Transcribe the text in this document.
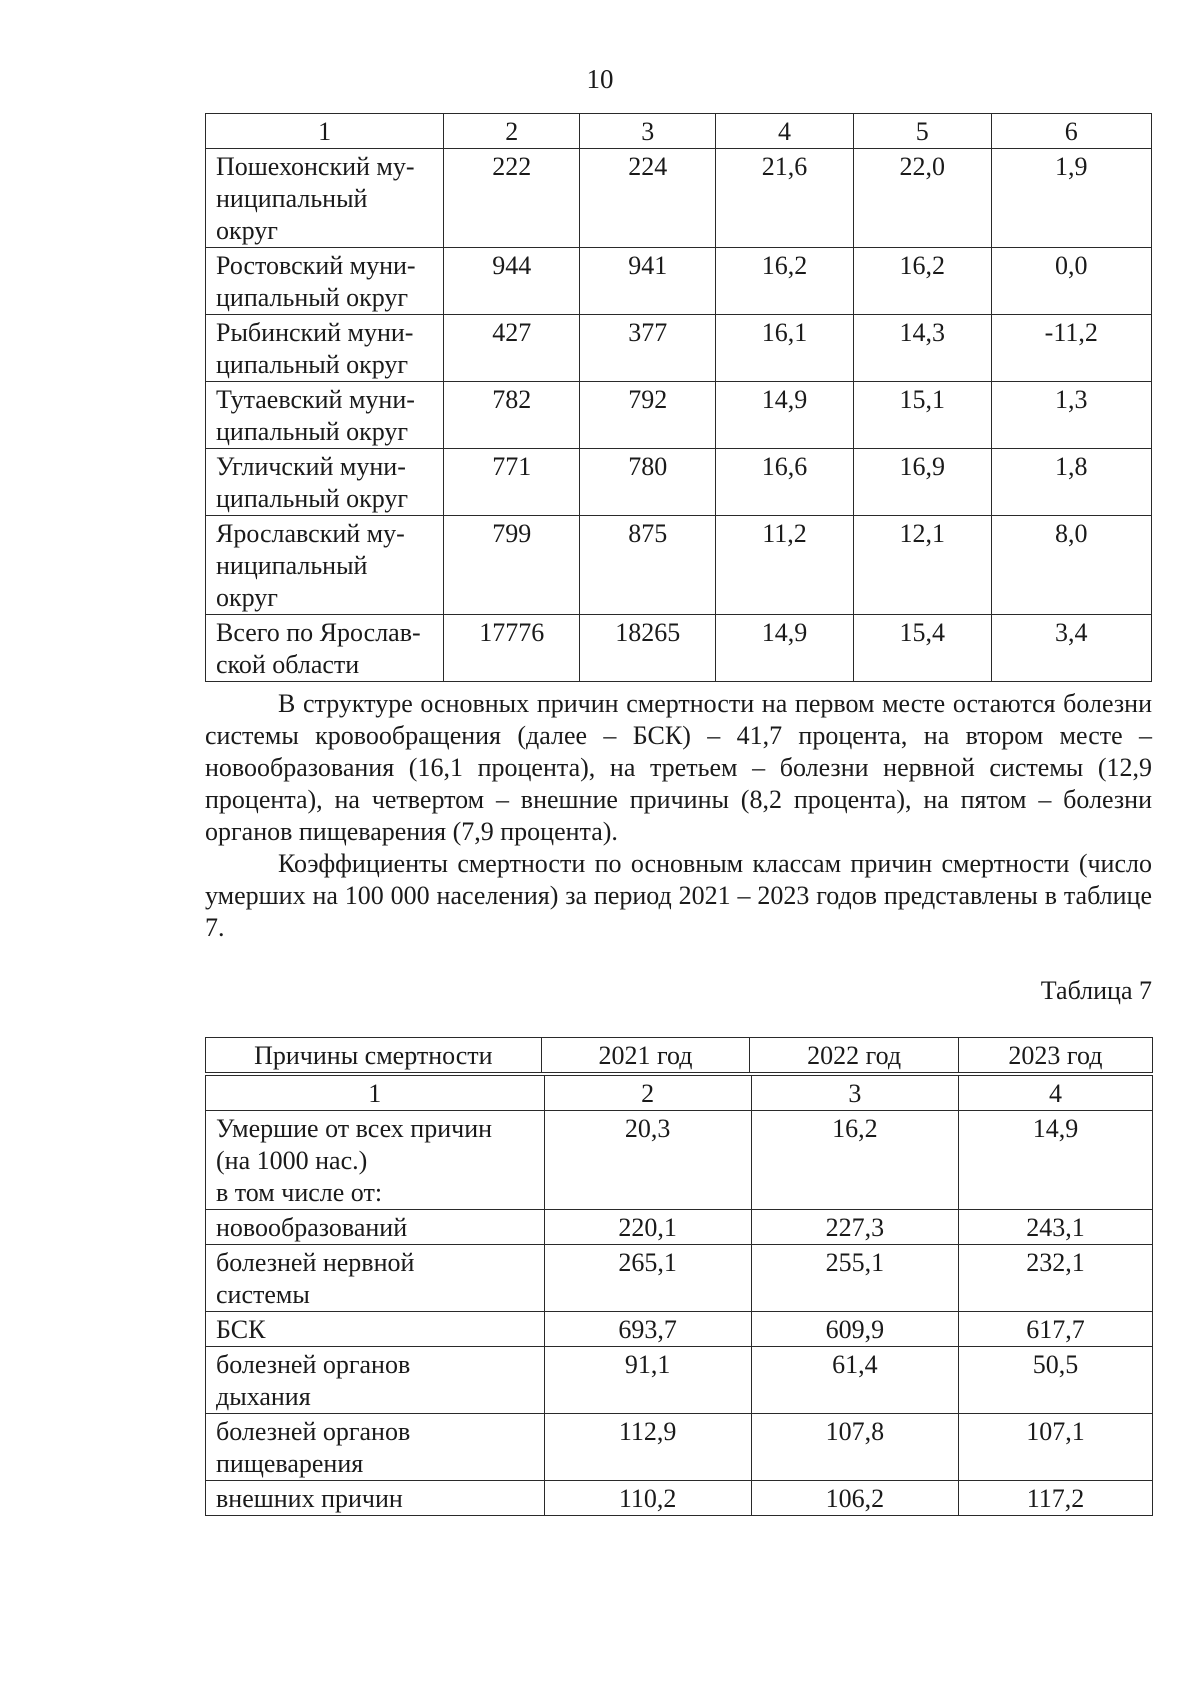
10
1	2	3	4	5	6
Пошехонский му-
ниципальный
округ	222	224	21,6	22,0	1,9
Ростовский муни-
ципальный округ	944	941	16,2	16,2	0,0
Рыбинский муни-
ципальный округ	427	377	16,1	14,3	-11,2
Тутаевский муни-
ципальный округ	782	792	14,9	15,1	1,3
Угличский муни-
ципальный округ	771	780	16,6	16,9	1,8
Ярославский му-
ниципальный
округ	799	875	11,2	12,1	8,0
Всего по Ярослав-
ской области	17776	18265	14,9	15,4	3,4

В структуре основных причин смертности на первом месте остаются болезни системы кровообращения (далее – БСК) – 41,7 процента, на втором месте – новообразования (16,1 процента), на третьем – болезни нервной системы (12,9 процента), на четвертом – внешние причины (8,2 процента), на пятом – болезни органов пищеварения (7,9 процента).

Коэффициенты смертности по основным классам причин смертности (число умерших на 100 000 населения) за период 2021 – 2023 годов представлены в таблице 7.

Таблица 7
Причины смертности	2021 год	2022 год	2023 год
1	2	3	4
Умершие от всех причин
(на 1000 нас.)
в том числе от:	20,3	16,2	14,9
новообразований	220,1	227,3	243,1
болезней нервной
системы	265,1	255,1	232,1
БСК	693,7	609,9	617,7
болезней органов
дыхания	91,1	61,4	50,5
болезней органов
пищеварения	112,9	107,8	107,1
внешних причин	110,2	106,2	117,2
